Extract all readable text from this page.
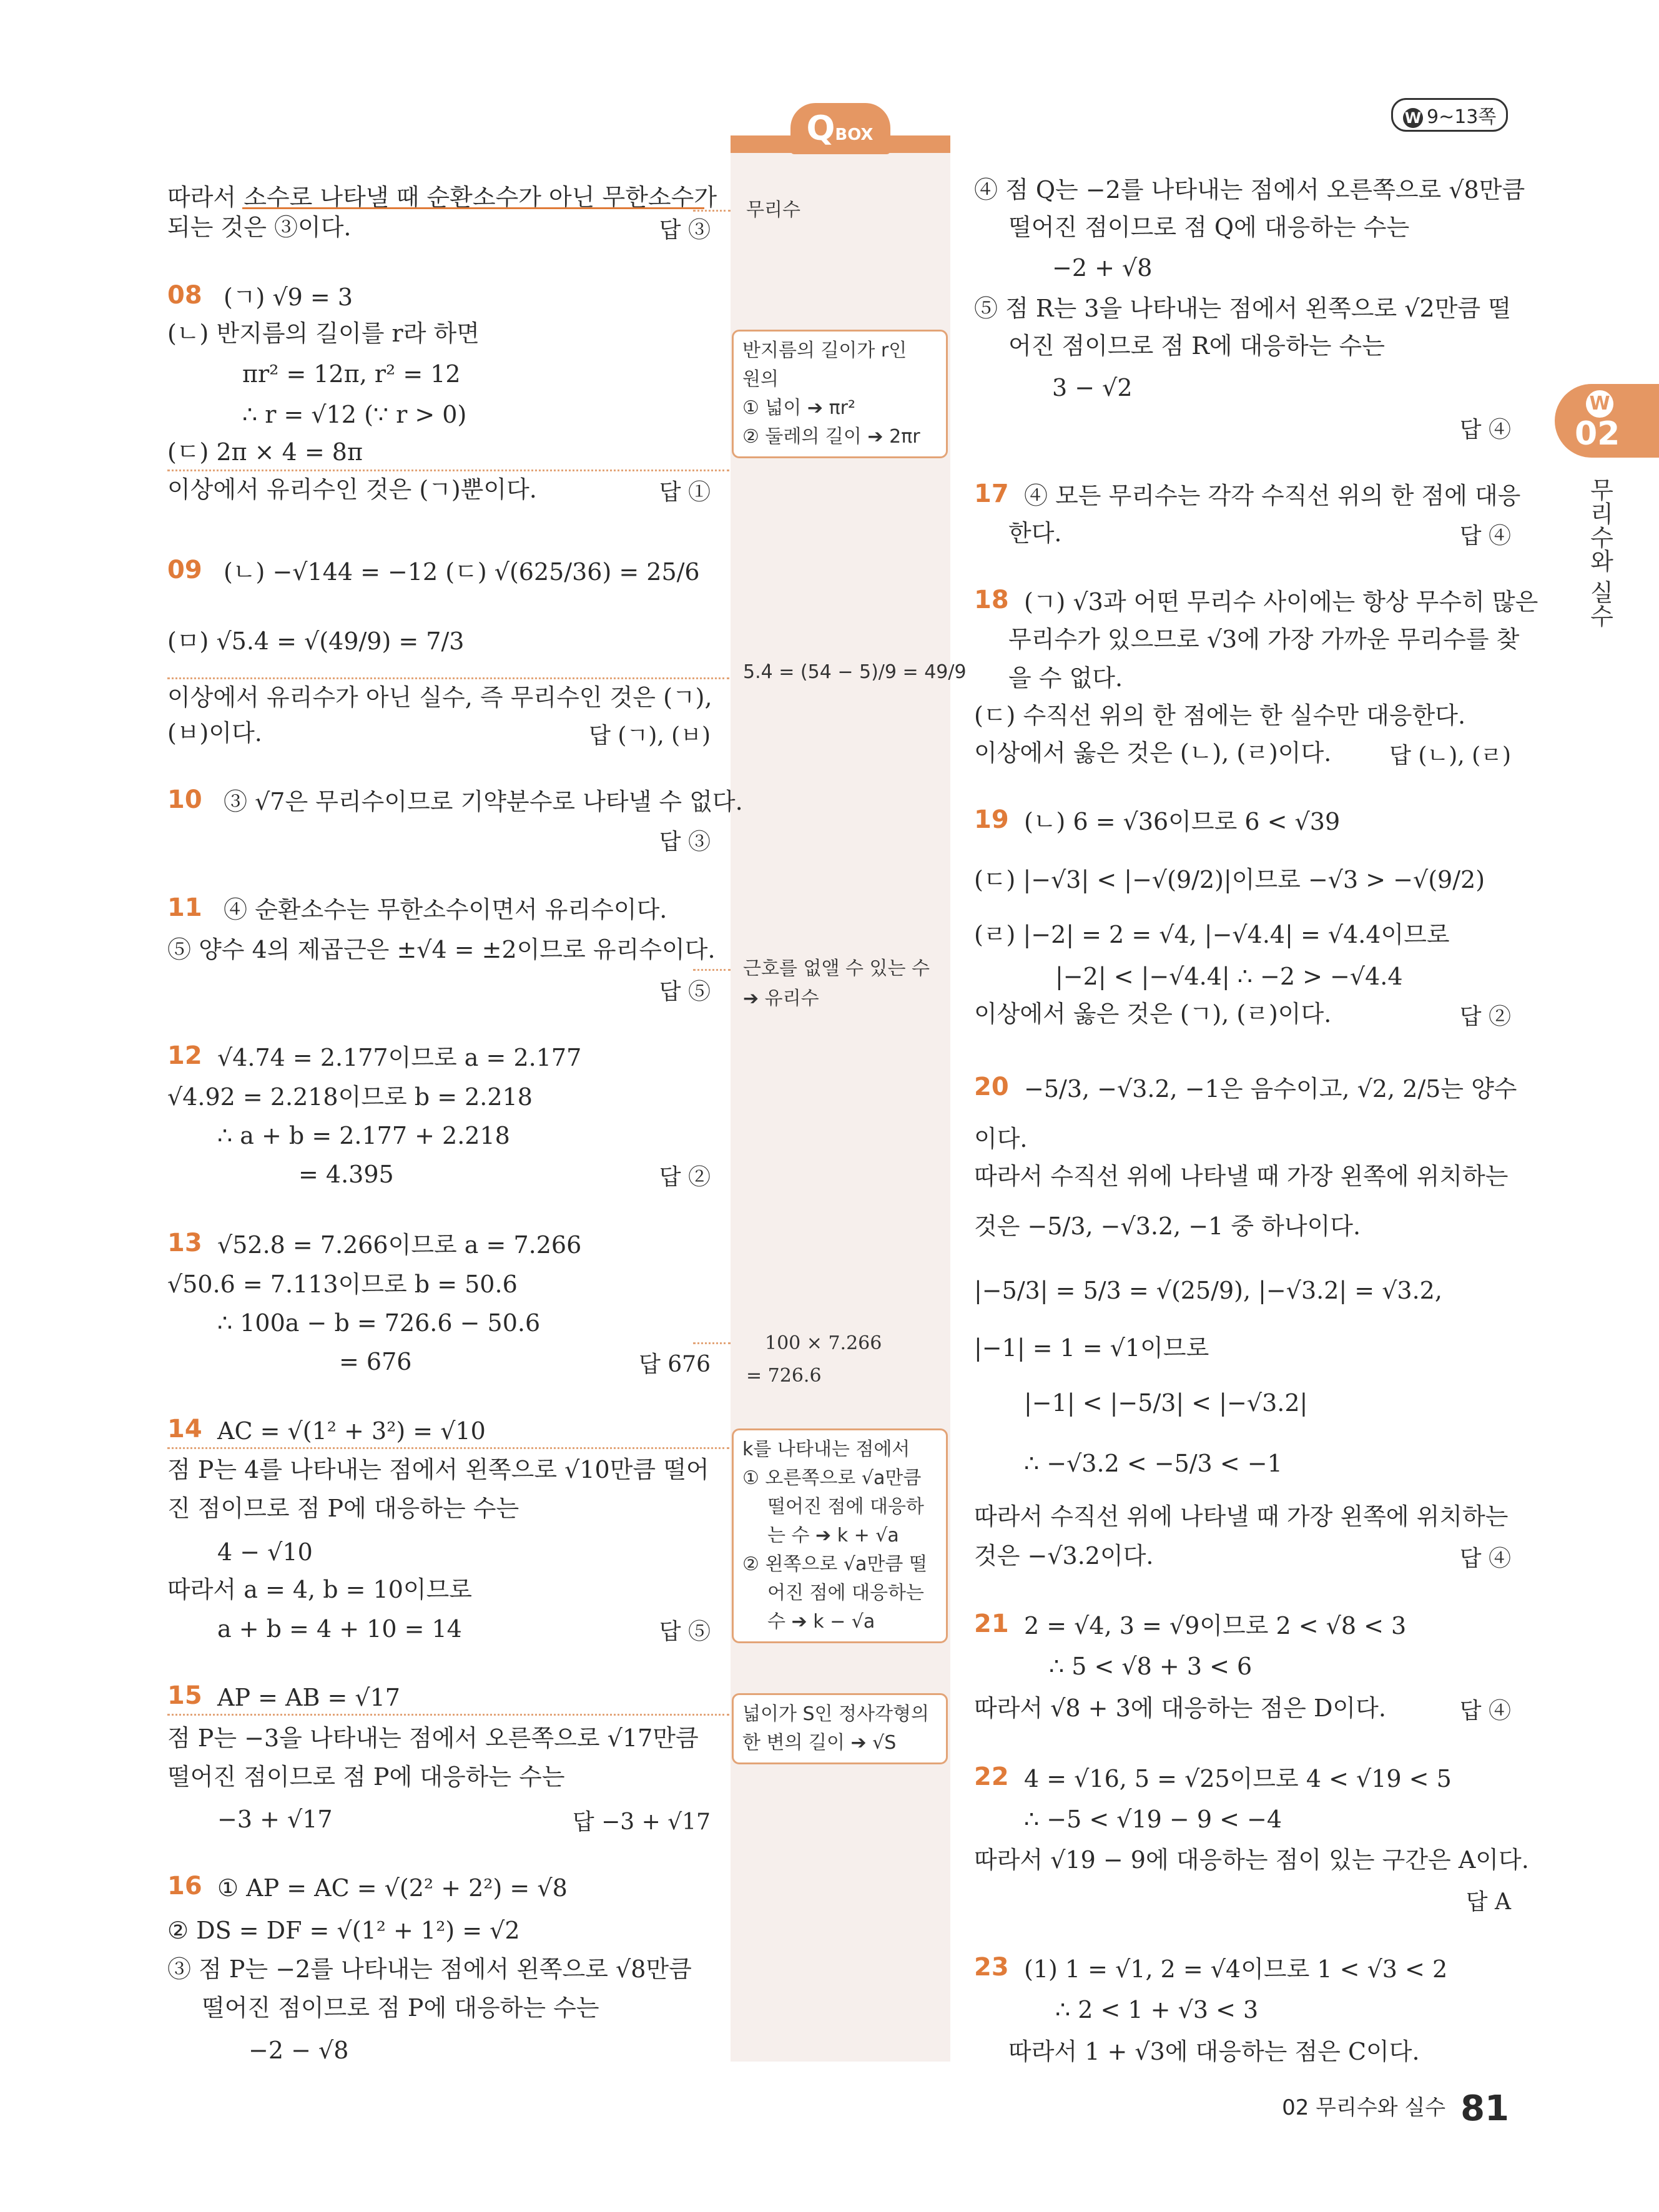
W 9~13쪽
QBOX
W
02
무리수와 실수
따라서 소수로 나타낼 때 순환소수가 아닌 무한소수가
되는 것은 ③이다.	답 ③
08 (ㄱ) √9 = 3
(ㄴ) 반지름의 길이를 r라 하면
πr² = 12π, r² = 12
∴ r = √12 (∵ r > 0)
(ㄷ) 2π × 4 = 8π
이상에서 유리수인 것은 (ㄱ)뿐이다.	답 ①
09 (ㄴ) −√144 = −12 (ㄷ) √(625/36) = 25/6
(ㅁ) √5.4̇ = √(49/9) = 7/3
이상에서 유리수가 아닌 실수, 즉 무리수인 것은 (ㄱ),
(ㅂ)이다.	답 (ㄱ), (ㅂ)
10 ③ √7은 무리수이므로 기약분수로 나타낼 수 없다.
답 ③
11 ④ 순환소수는 무한소수이면서 유리수이다.
⑤ 양수 4의 제곱근은 ±√4 = ±2이므로 유리수이다.
답 ⑤
12 √4.74 = 2.177이므로 a = 2.177
√4.92 = 2.218이므로 b = 2.218
∴ a + b = 2.177 + 2.218
= 4.395	답 ②
13 √52.8 = 7.266이므로 a = 7.266
√50.6 = 7.113이므로 b = 50.6
∴ 100a − b = 726.6 − 50.6
= 676	답 676
14 AC = √(1² + 3²) = √10
점 P는 4를 나타내는 점에서 왼쪽으로 √10만큼 떨어
진 점이므로 점 P에 대응하는 수는
4 − √10
따라서 a = 4, b = 10이므로
a + b = 4 + 10 = 14	답 ⑤
15 AP = AB = √17
점 P는 −3을 나타내는 점에서 오른쪽으로 √17만큼
떨어진 점이므로 점 P에 대응하는 수는
−3 + √17	답 −3 + √17
16 ① AP = AC = √(2² + 2²) = √8
② DS = DF = √(1² + 1²) = √2
③ 점 P는 −2를 나타내는 점에서 왼쪽으로 √8만큼
떨어진 점이므로 점 P에 대응하는 수는
−2 − √8
④ 점 Q는 −2를 나타내는 점에서 오른쪽으로 √8만큼
떨어진 점이므로 점 Q에 대응하는 수는
−2 + √8
⑤ 점 R는 3을 나타내는 점에서 왼쪽으로 √2만큼 떨
어진 점이므로 점 R에 대응하는 수는
3 − √2
답 ④
17 ④ 모든 무리수는 각각 수직선 위의 한 점에 대응
한다.	답 ④
18 (ㄱ) √3과 어떤 무리수 사이에는 항상 무수히 많은
무리수가 있으므로 √3에 가장 가까운 무리수를 찾
을 수 없다.
(ㄷ) 수직선 위의 한 점에는 한 실수만 대응한다.
이상에서 옳은 것은 (ㄴ), (ㄹ)이다.	답 (ㄴ), (ㄹ)
19 (ㄴ) 6 = √36이므로 6 < √39
(ㄷ) |−√3| < |−√(9/2)|이므로 −√3 > −√(9/2)
(ㄹ) |−2| = 2 = √4, |−√4.4| = √4.4이므로
|−2| < |−√4.4| ∴ −2 > −√4.4
이상에서 옳은 것은 (ㄱ), (ㄹ)이다.	답 ②
20 −5/3, −√3.2, −1은 음수이고, √2, 2/5는 양수
이다.
따라서 수직선 위에 나타낼 때 가장 왼쪽에 위치하는
것은 −5/3, −√3.2, −1 중 하나이다.
|−5/3| = 5/3 = √(25/9), |−√3.2| = √3.2,
|−1| = 1 = √1이므로
|−1| < |−5/3| < |−√3.2|
∴ −√3.2 < −5/3 < −1
따라서 수직선 위에 나타낼 때 가장 왼쪽에 위치하는
것은 −√3.2이다.	답 ④
21 2 = √4, 3 = √9이므로 2 < √8 < 3
∴ 5 < √8 + 3 < 6
따라서 √8 + 3에 대응하는 점은 D이다.	답 ④
22 4 = √16, 5 = √25이므로 4 < √19 < 5
∴ −5 < √19 − 9 < −4
따라서 √19 − 9에 대응하는 점이 있는 구간은 A이다.
답 A
23 (1) 1 = √1, 2 = √4이므로 1 < √3 < 2
∴ 2 < 1 + √3 < 3
따라서 1 + √3에 대응하는 점은 C이다.
무리수
반지름의 길이가 r인
원의
① 넓이 ➔ πr²
② 둘레의 길이 ➔ 2πr
5.4̇ = (54 − 5)/9 = 49/9
근호를 없앨 수 있는 수
➔ 유리수
100 × 7.266
= 726.6
k를 나타내는 점에서
① 오른쪽으로 √a만큼
떨어진 점에 대응하
는 수 ➔ k + √a
② 왼쪽으로 √a만큼 떨
어진 점에 대응하는
수 ➔ k − √a
넓이가 S인 정사각형의
한 변의 길이 ➔ √S
02 무리수와 실수 81
